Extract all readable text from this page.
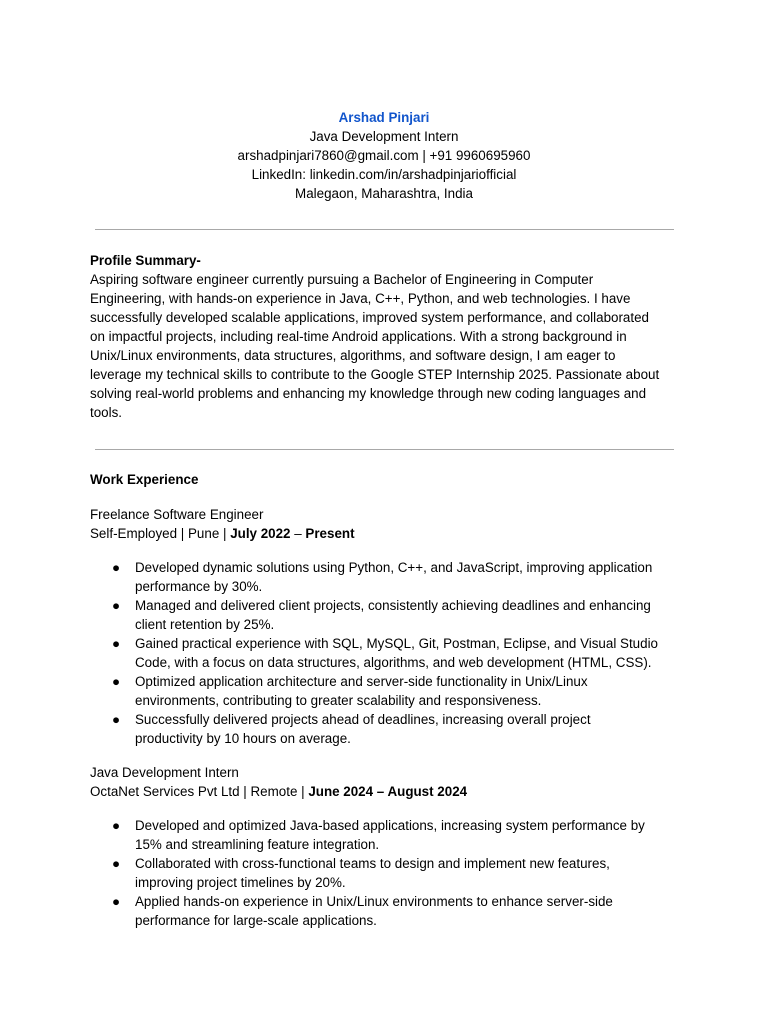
Arshad Pinjari
Java Development Intern
arshadpinjari7860@gmail.com | +91 9960695960
LinkedIn: linkedin.com/in/arshadpinjariofficial
Malegaon, Maharashtra, India
Profile Summary-
Aspiring software engineer currently pursuing a Bachelor of Engineering in Computer
Engineering, with hands-on experience in Java, C++, Python, and web technologies. I have
successfully developed scalable applications, improved system performance, and collaborated
on impactful projects, including real-time Android applications. With a strong background in
Unix/Linux environments, data structures, algorithms, and software design, I am eager to
leverage my technical skills to contribute to the Google STEP Internship 2025. Passionate about
solving real-world problems and enhancing my knowledge through new coding languages and
tools.
Work Experience
Freelance Software Engineer
Self-Employed | Pune | July 2022 – Present
● Developed dynamic solutions using Python, C++, and JavaScript, improving application
performance by 30%.
● Managed and delivered client projects, consistently achieving deadlines and enhancing
client retention by 25%.
● Gained practical experience with SQL, MySQL, Git, Postman, Eclipse, and Visual Studio
Code, with a focus on data structures, algorithms, and web development (HTML, CSS).
● Optimized application architecture and server-side functionality in Unix/Linux
environments, contributing to greater scalability and responsiveness.
● Successfully delivered projects ahead of deadlines, increasing overall project
productivity by 10 hours on average.
Java Development Intern
OctaNet Services Pvt Ltd | Remote | June 2024 – August 2024
● Developed and optimized Java-based applications, increasing system performance by
15% and streamlining feature integration.
● Collaborated with cross-functional teams to design and implement new features,
improving project timelines by 20%.
● Applied hands-on experience in Unix/Linux environments to enhance server-side
performance for large-scale applications.
